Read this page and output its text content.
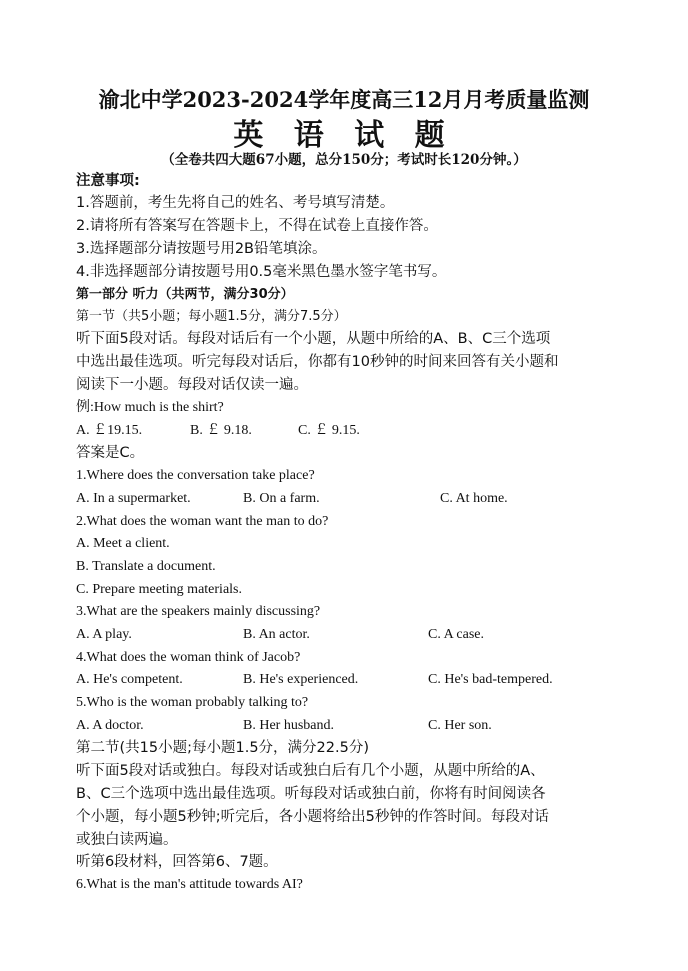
渝北中学2023-2024学年度高三12月月考质量监测
英 语 试 题
（全卷共四大题67小题，总分150分；考试时长120分钟。）
注意事项:
1.答题前，考生先将自己的姓名、考号填写清楚。
2.请将所有答案写在答题卡上，不得在试卷上直接作答。
3.选择题部分请按题号用2B铅笔填涂。
4.非选择题部分请按题号用0.5毫米黑色墨水签字笔书写。
第一部分 听力（共两节，满分30分）
第一节（共5小题；每小题1.5分，满分7.5分）
听下面5段对话。每段对话后有一个小题，从题中所给的A、B、C三个选项
中选出最佳选项。听完每段对话后，你都有10秒钟的时间来回答有关小题和
阅读下一小题。每段对话仅读一遍。
例:How much is the shirt?
A. ￡19.15.	B. ￡ 9.18.	C. ￡ 9.15.
答案是C。
1.Where does the conversation take place?
A. In a supermarket.	B. On a farm.	C. At home.
2.What does the woman want the man to do?
A. Meet a client.
B. Translate a document.
C. Prepare meeting materials.
3.What are the speakers mainly discussing?
A. A play.	B. An actor.	C. A case.
4.What does the woman think of Jacob?
A. He's competent.	B. He's experienced.	C. He's bad-tempered.
5.Who is the woman probably talking to?
A. A doctor.	B. Her husband.	C. Her son.
第二节(共15小题;每小题1.5分，满分22.5分)
听下面5段对话或独白。每段对话或独白后有几个小题，从题中所给的A、
B、C三个选项中选出最佳选项。听每段对话或独白前，你将有时间阅读各
个小题，每小题5秒钟;听完后，各小题将给出5秒钟的作答时间。每段对话
或独白读两遍。
听第6段材料，回答第6、7题。
6.What is the man's attitude towards AI?
